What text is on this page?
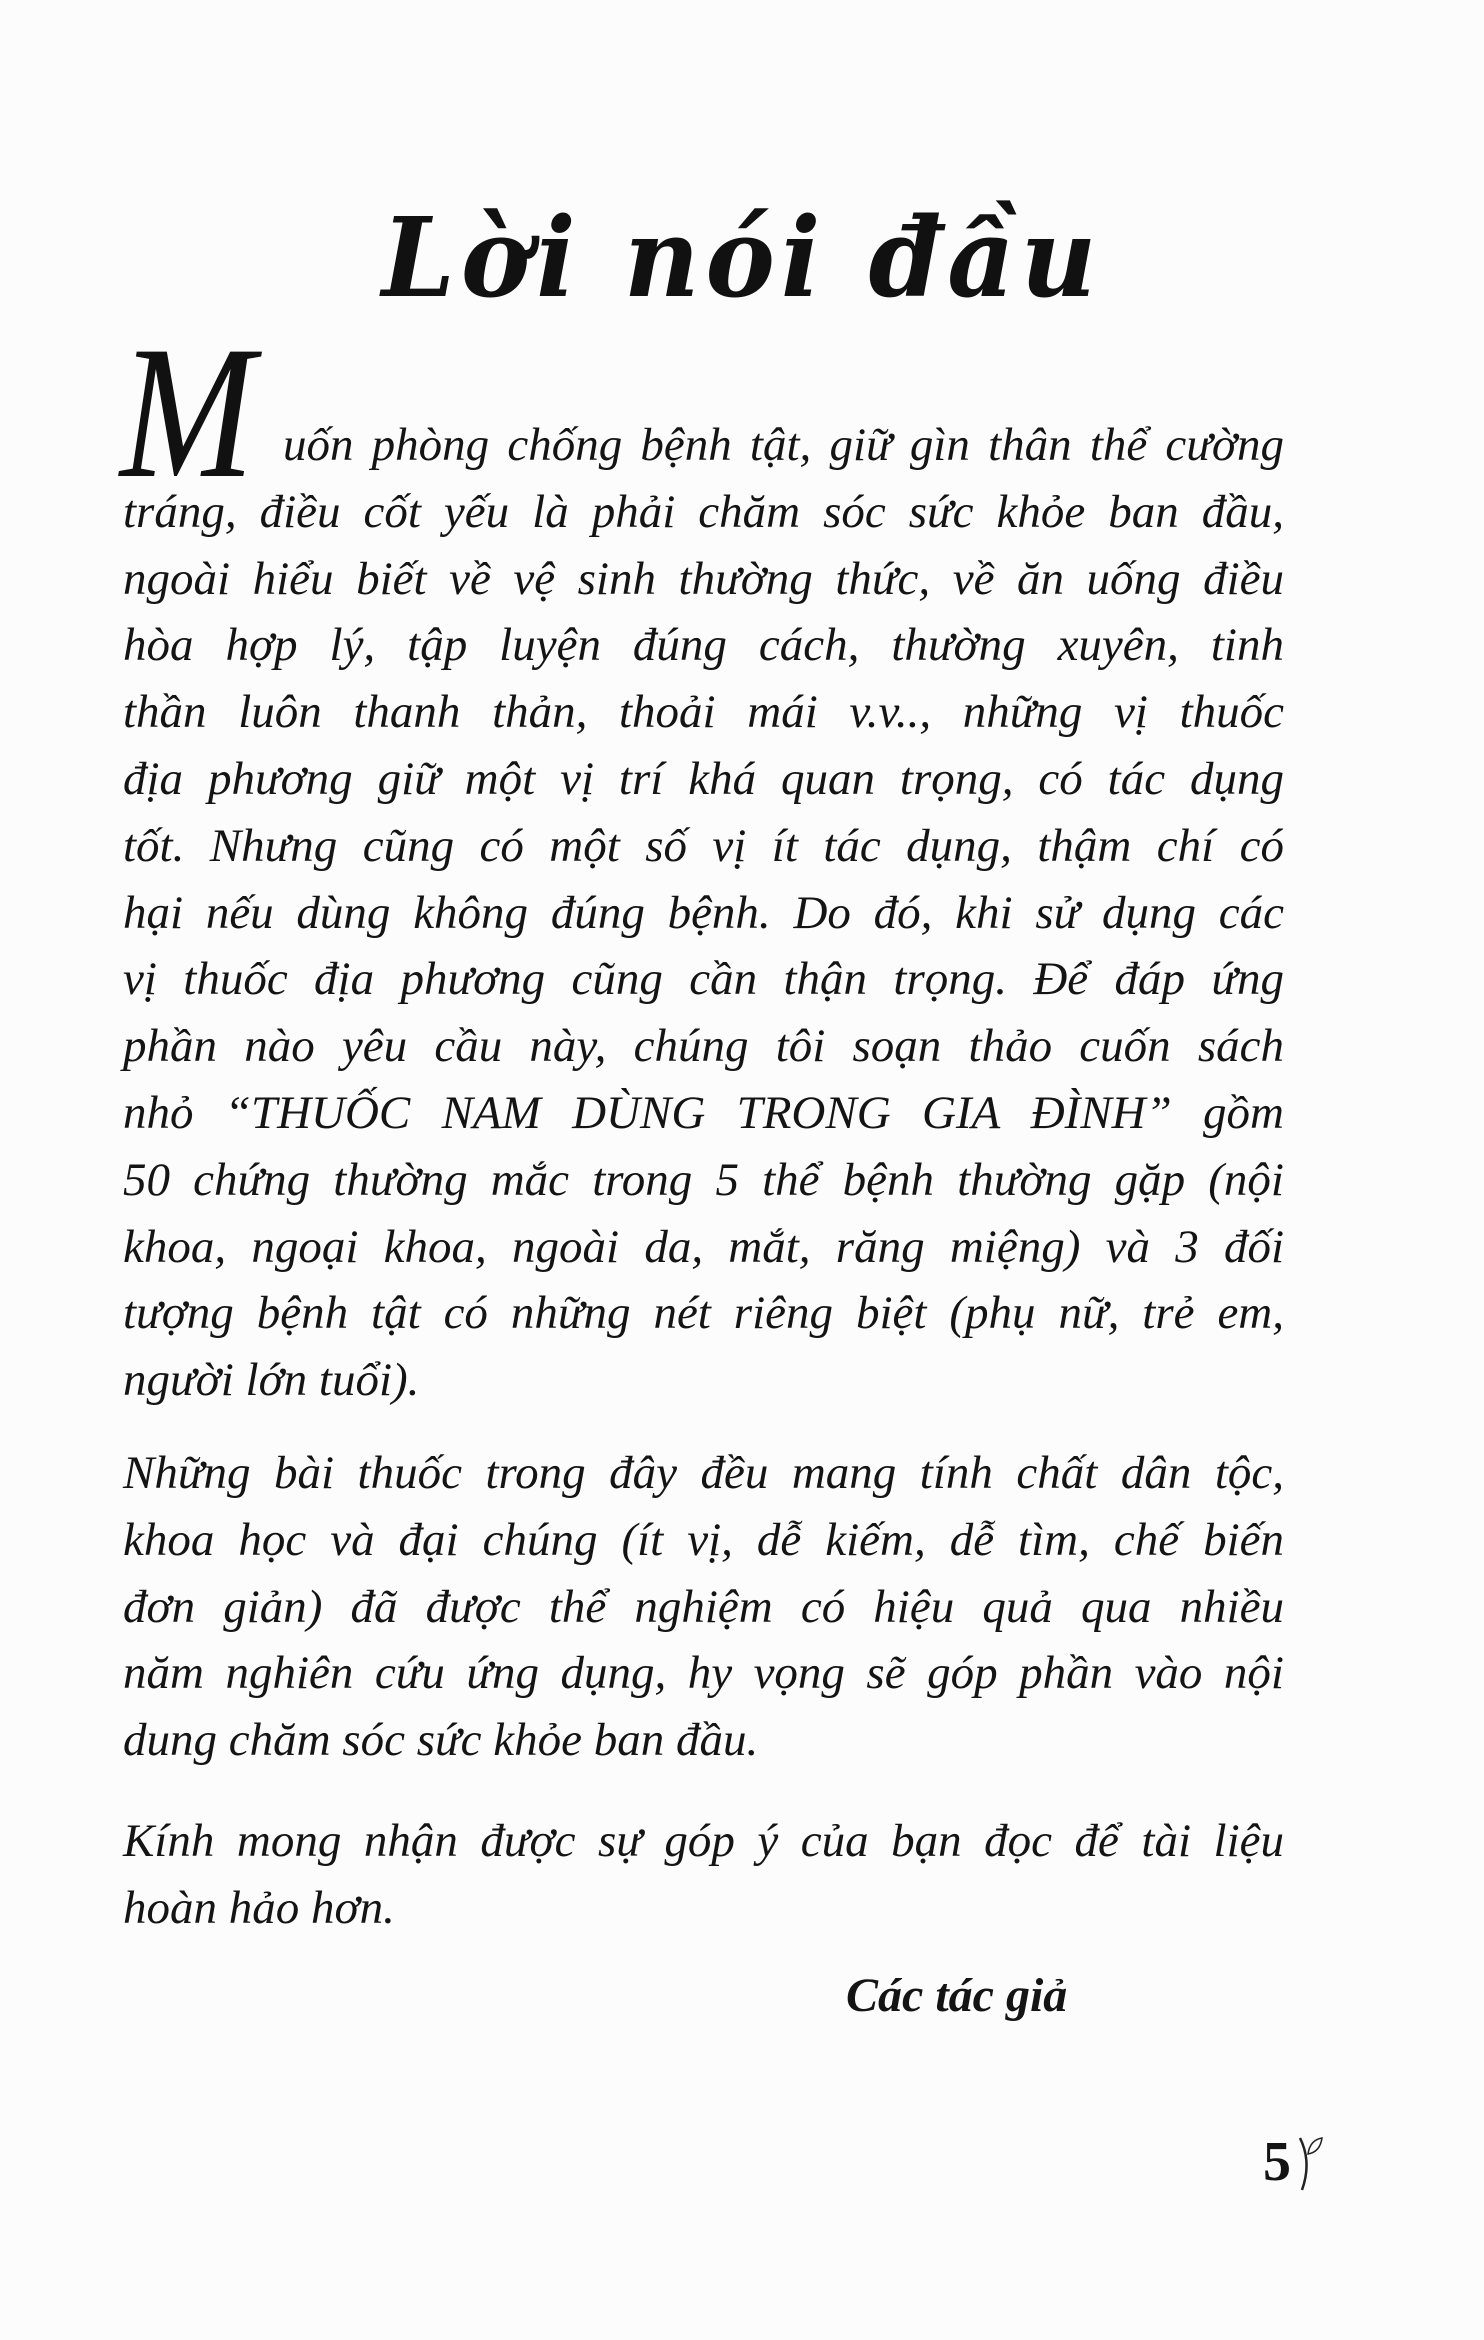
Lời nói đầu
M uốn phòng chống bệnh tật, giữ gìn thân thể cường
tráng, điều cốt yếu là phải chăm sóc sức khỏe ban đầu,
ngoài hiểu biết về vệ sinh thường thức, về ăn uống điều
hòa hợp lý, tập luyện đúng cách, thường xuyên, tinh
thần luôn thanh thản, thoải mái v.v.., những vị thuốc
địa phương giữ một vị trí khá quan trọng, có tác dụng
tốt. Nhưng cũng có một số vị ít tác dụng, thậm chí có
hại nếu dùng không đúng bệnh. Do đó, khi sử dụng các
vị thuốc địa phương cũng cần thận trọng. Để đáp ứng
phần nào yêu cầu này, chúng tôi soạn thảo cuốn sách
nhỏ “THUỐC NAM DÙNG TRONG GIA ĐÌNH” gồm
50 chứng thường mắc trong 5 thể bệnh thường gặp (nội
khoa, ngoại khoa, ngoài da, mắt, răng miệng) và 3 đối
tượng bệnh tật có những nét riêng biệt (phụ nữ, trẻ em,
người lớn tuổi).
Những bài thuốc trong đây đều mang tính chất dân tộc,
khoa học và đại chúng (ít vị, dễ kiếm, dễ tìm, chế biến
đơn giản) đã được thể nghiệm có hiệu quả qua nhiều
năm nghiên cứu ứng dụng, hy vọng sẽ góp phần vào nội
dung chăm sóc sức khỏe ban đầu.
Kính mong nhận được sự góp ý của bạn đọc để tài liệu
hoàn hảo hơn.
Các tác giả
5
